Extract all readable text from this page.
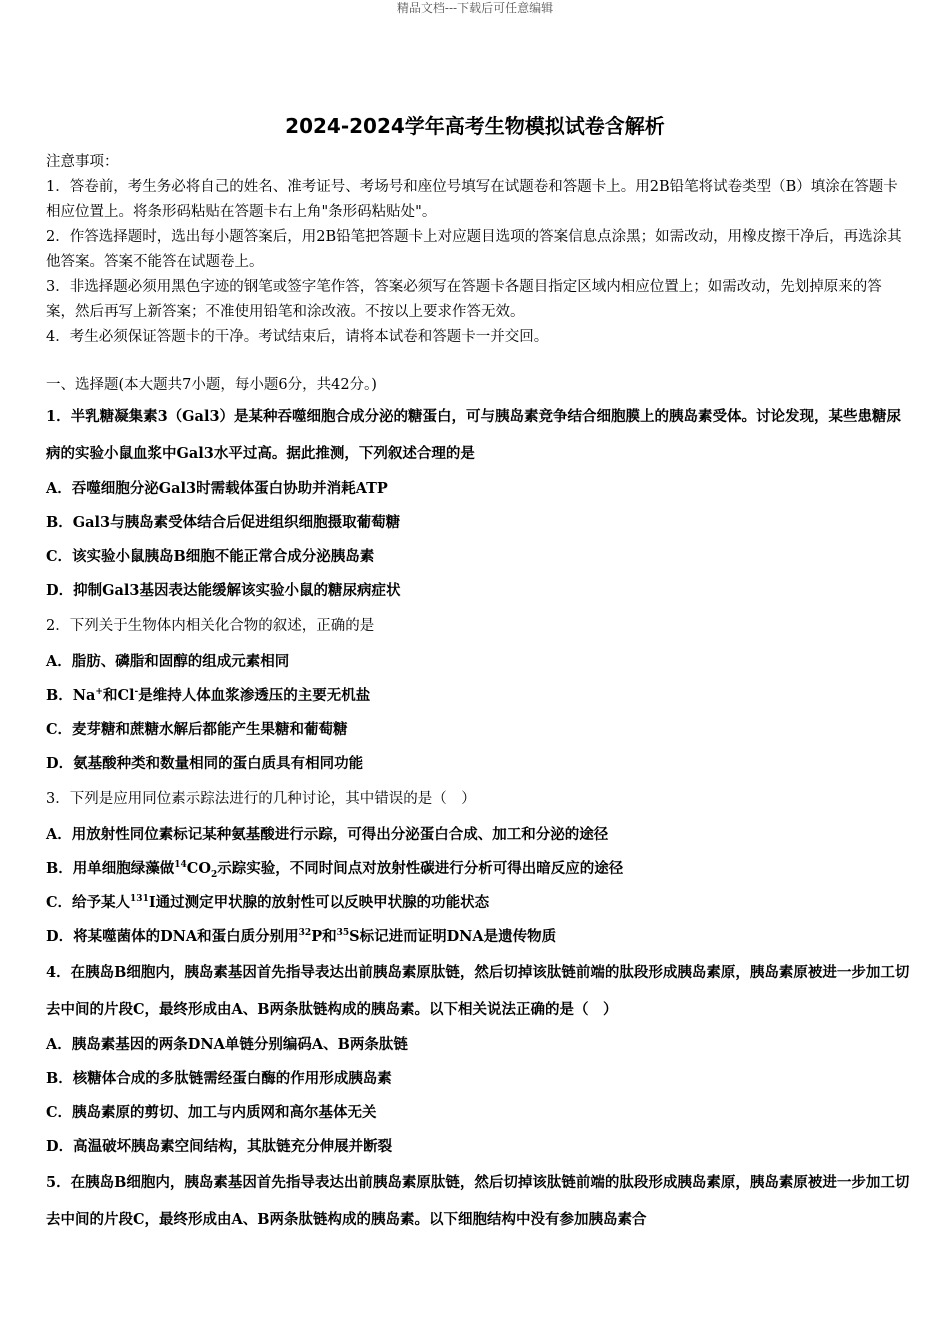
精品文档---下载后可任意编辑
2024-2024学年高考生物模拟试卷含解析

注意事项：

1．答卷前，考生务必将自己的姓名、准考证号、考场号和座位号填写在试题卷和答题卡上。用2B铅笔将试卷类型（B）填涂在答题卡相应位置上。将条形码粘贴在答题卡右上角"条形码粘贴处"。

2．作答选择题时，选出每小题答案后，用2B铅笔把答题卡上对应题目选项的答案信息点涂黑；如需改动，用橡皮擦干净后，再选涂其他答案。答案不能答在试题卷上。

3．非选择题必须用黑色字迹的钢笔或签字笔作答，答案必须写在答题卡各题目指定区域内相应位置上；如需改动，先划掉原来的答案，然后再写上新答案；不准使用铅笔和涂改液。不按以上要求作答无效。

4．考生必须保证答题卡的干净。考试结束后，请将本试卷和答题卡一并交回。

一、选择题(本大题共7小题，每小题6分，共42分。)

1．半乳糖凝集素3（Gal3）是某种吞噬细胞合成分泌的糖蛋白，可与胰岛素竞争结合细胞膜上的胰岛素受体。讨论发现，某些患糖尿病的实验小鼠血浆中Gal3水平过高。据此推测，下列叙述合理的是

A．吞噬细胞分泌Gal3时需载体蛋白协助并消耗ATP

B．Gal3与胰岛素受体结合后促进组织细胞摄取葡萄糖

C．该实验小鼠胰岛B细胞不能正常合成分泌胰岛素

D．抑制Gal3基因表达能缓解该实验小鼠的糖尿病症状

2．下列关于生物体内相关化合物的叙述，正确的是

A．脂肪、磷脂和固醇的组成元素相同

B．Na+和Cl-是维持人体血浆渗透压的主要无机盐

C．麦芽糖和蔗糖水解后都能产生果糖和葡萄糖

D．氨基酸种类和数量相同的蛋白质具有相同功能

3．下列是应用同位素示踪法进行的几种讨论，其中错误的是（　）

A．用放射性同位素标记某种氨基酸进行示踪，可得出分泌蛋白合成、加工和分泌的途径

B．用单细胞绿藻做$^{14}CO_2$示踪实验，不同时间点对放射性碳进行分析可得出暗反应的途径

C．给予某人$^{131}$I通过测定甲状腺的放射性可以反映甲状腺的功能状态

D．将某噬菌体的DNA和蛋白质分别用$^{32}$P和$^{35}$S标记进而证明DNA是遗传物质

4．在胰岛B细胞内，胰岛素基因首先指导表达出前胰岛素原肽链，然后切掉该肽链前端的肽段形成胰岛素原，胰岛素原被进一步加工切去中间的片段C，最终形成由A、B两条肽链构成的胰岛素。以下相关说法正确的是（　）

A．胰岛素基因的两条DNA单链分别编码A、B两条肽链

B．核糖体合成的多肽链需经蛋白酶的作用形成胰岛素

C．胰岛素原的剪切、加工与内质网和高尔基体无关

D．高温破坏胰岛素空间结构，其肽链充分伸展并断裂

5．在胰岛B细胞内，胰岛素基因首先指导表达出前胰岛素原肽链，然后切掉该肽链前端的肽段形成胰岛素原，胰岛素原被进一步加工切去中间的片段C，最终形成由A、B两条肽链构成的胰岛素。以下细胞结构中没有参加胰岛素合
